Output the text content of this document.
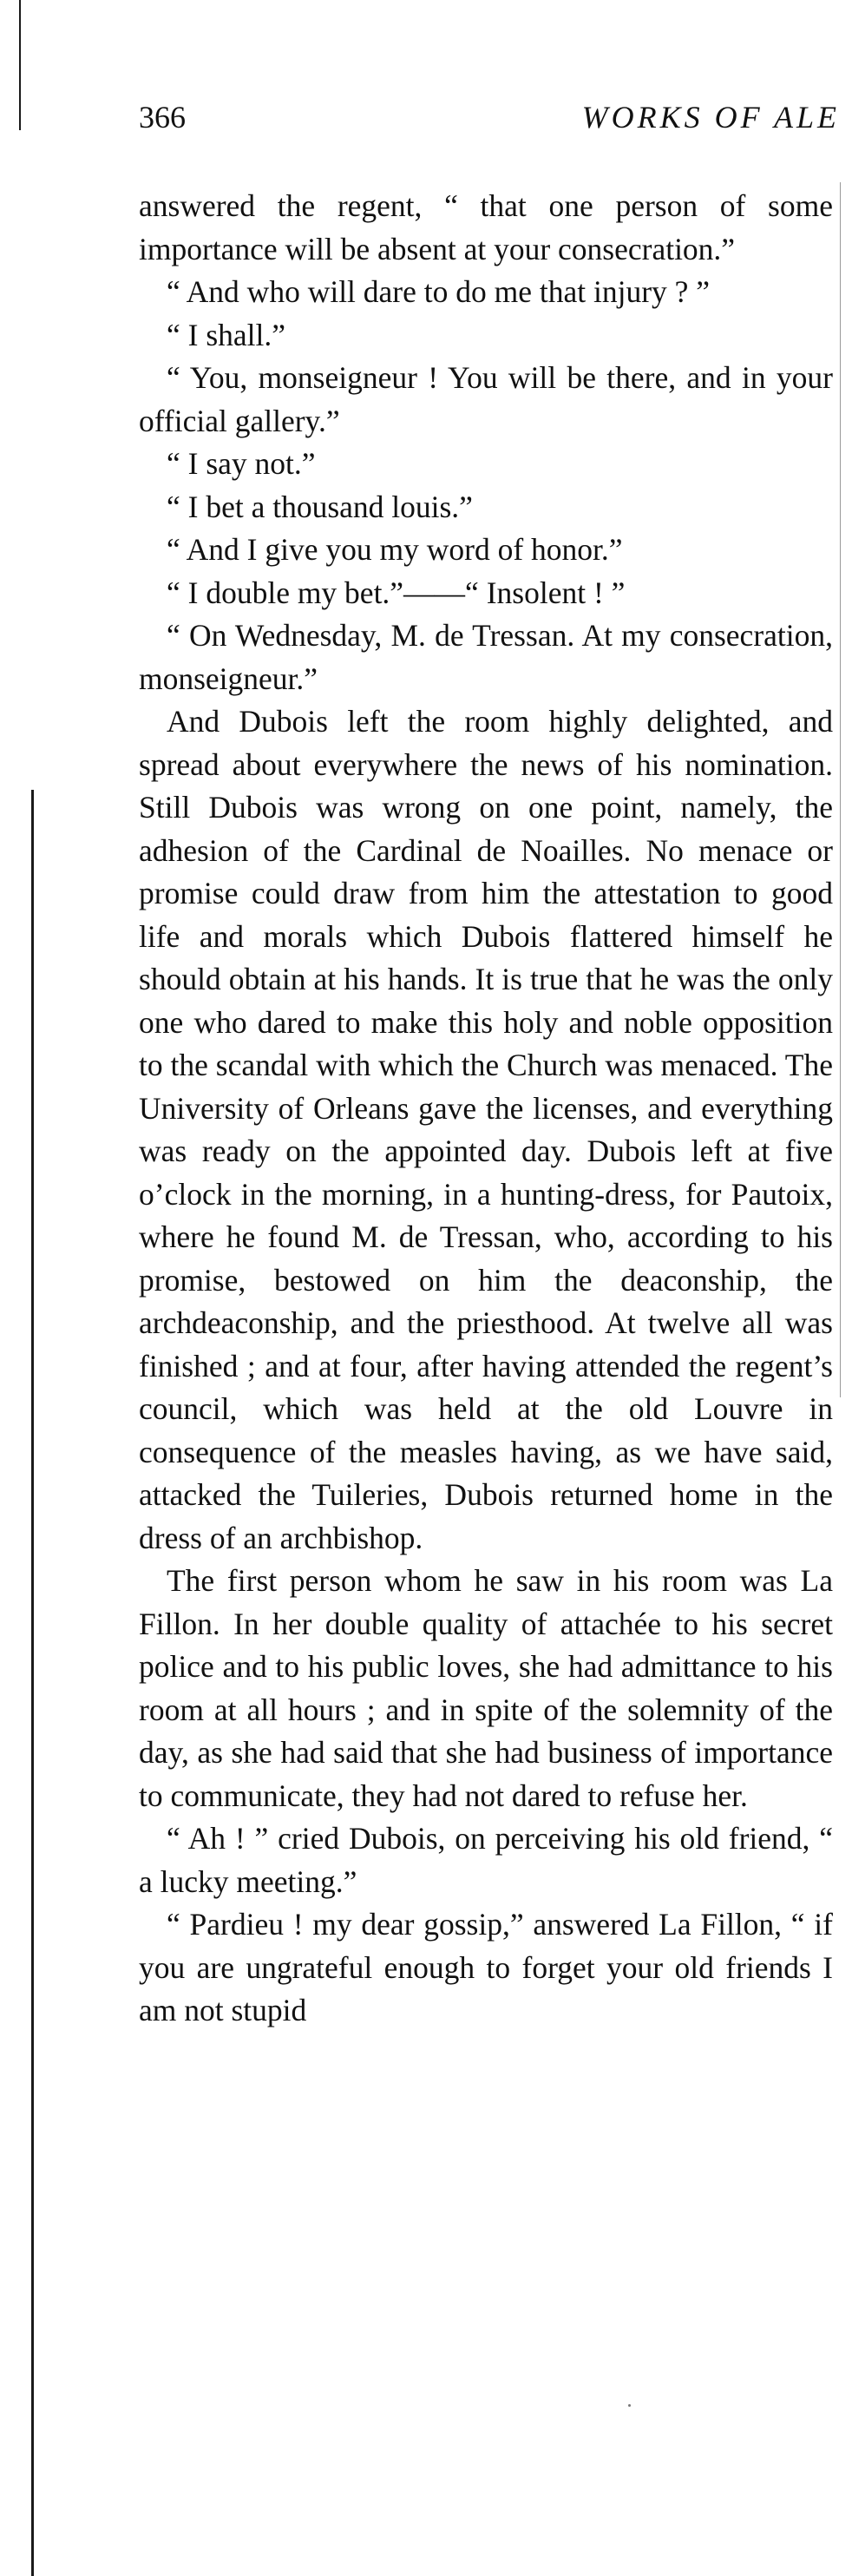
366	WORKS OF ALE

answered the regent, “ that one person of some importance will be absent at your consecration.”

“ And who will dare to do me that injury ? ”

“ I shall.”

“ You, monseigneur ! You will be there, and in your official gallery.”

“ I say not.”

“ I bet a thousand louis.”

“ And I give you my word of honor.”

“ I double my bet.”——“ Insolent ! ”

“ On Wednesday, M. de Tressan. At my consecration, monseigneur.”

And Dubois left the room highly delighted, and spread about everywhere the news of his nomination. Still Dubois was wrong on one point, namely, the adhesion of the Cardinal de Noailles. No menace or promise could draw from him the attestation to good life and morals which Dubois flattered himself he should obtain at his hands. It is true that he was the only one who dared to make this holy and noble opposition to the scandal with which the Church was menaced. The University of Orleans gave the licenses, and everything was ready on the appointed day. Dubois left at five o’clock in the morning, in a hunting-dress, for Pautoix, where he found M. de Tressan, who, according to his promise, bestowed on him the deaconship, the archdeaconship, and the priesthood. At twelve all was finished ; and at four, after having attended the regent’s council, which was held at the old Louvre in consequence of the measles having, as we have said, attacked the Tuileries, Dubois returned home in the dress of an archbishop.

The first person whom he saw in his room was La Fillon. In her double quality of attachée to his secret police and to his public loves, she had admittance to his room at all hours ; and in spite of the solemnity of the day, as she had said that she had business of importance to communicate, they had not dared to refuse her.

“ Ah ! ” cried Dubois, on perceiving his old friend, “ a lucky meeting.”

“ Pardieu ! my dear gossip,” answered La Fillon, “ if you are ungrateful enough to forget your old friends I am not stupid
